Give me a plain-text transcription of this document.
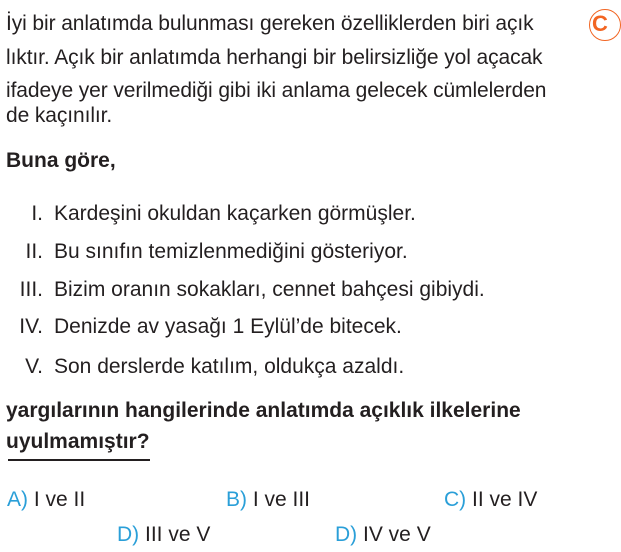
İyi bir anlatımda bulunması gereken özelliklerden biri açık
lıktır. Açık bir anlatımda herhangi bir belirsizliğe yol açacak
ifadeye yer verilmediği gibi iki anlama gelecek cümlelerden
de kaçınılır.
C
Buna göre,
I. Kardeşini okuldan kaçarken görmüşler.
II. Bu sınıfın temizlenmediğini gösteriyor.
III. Bizim oranın sokakları, cennet bahçesi gibiydi.
IV. Denizde av yasağı 1 Eylül’de bitecek.
V. Son derslerde katılım, oldukça azaldı.
yargılarının hangilerinde anlatımda açıklık ilkelerine
uyulmamıştır?
A) I ve II	B) I ve III	C) II ve IV
D) III ve V	D) IV ve V
